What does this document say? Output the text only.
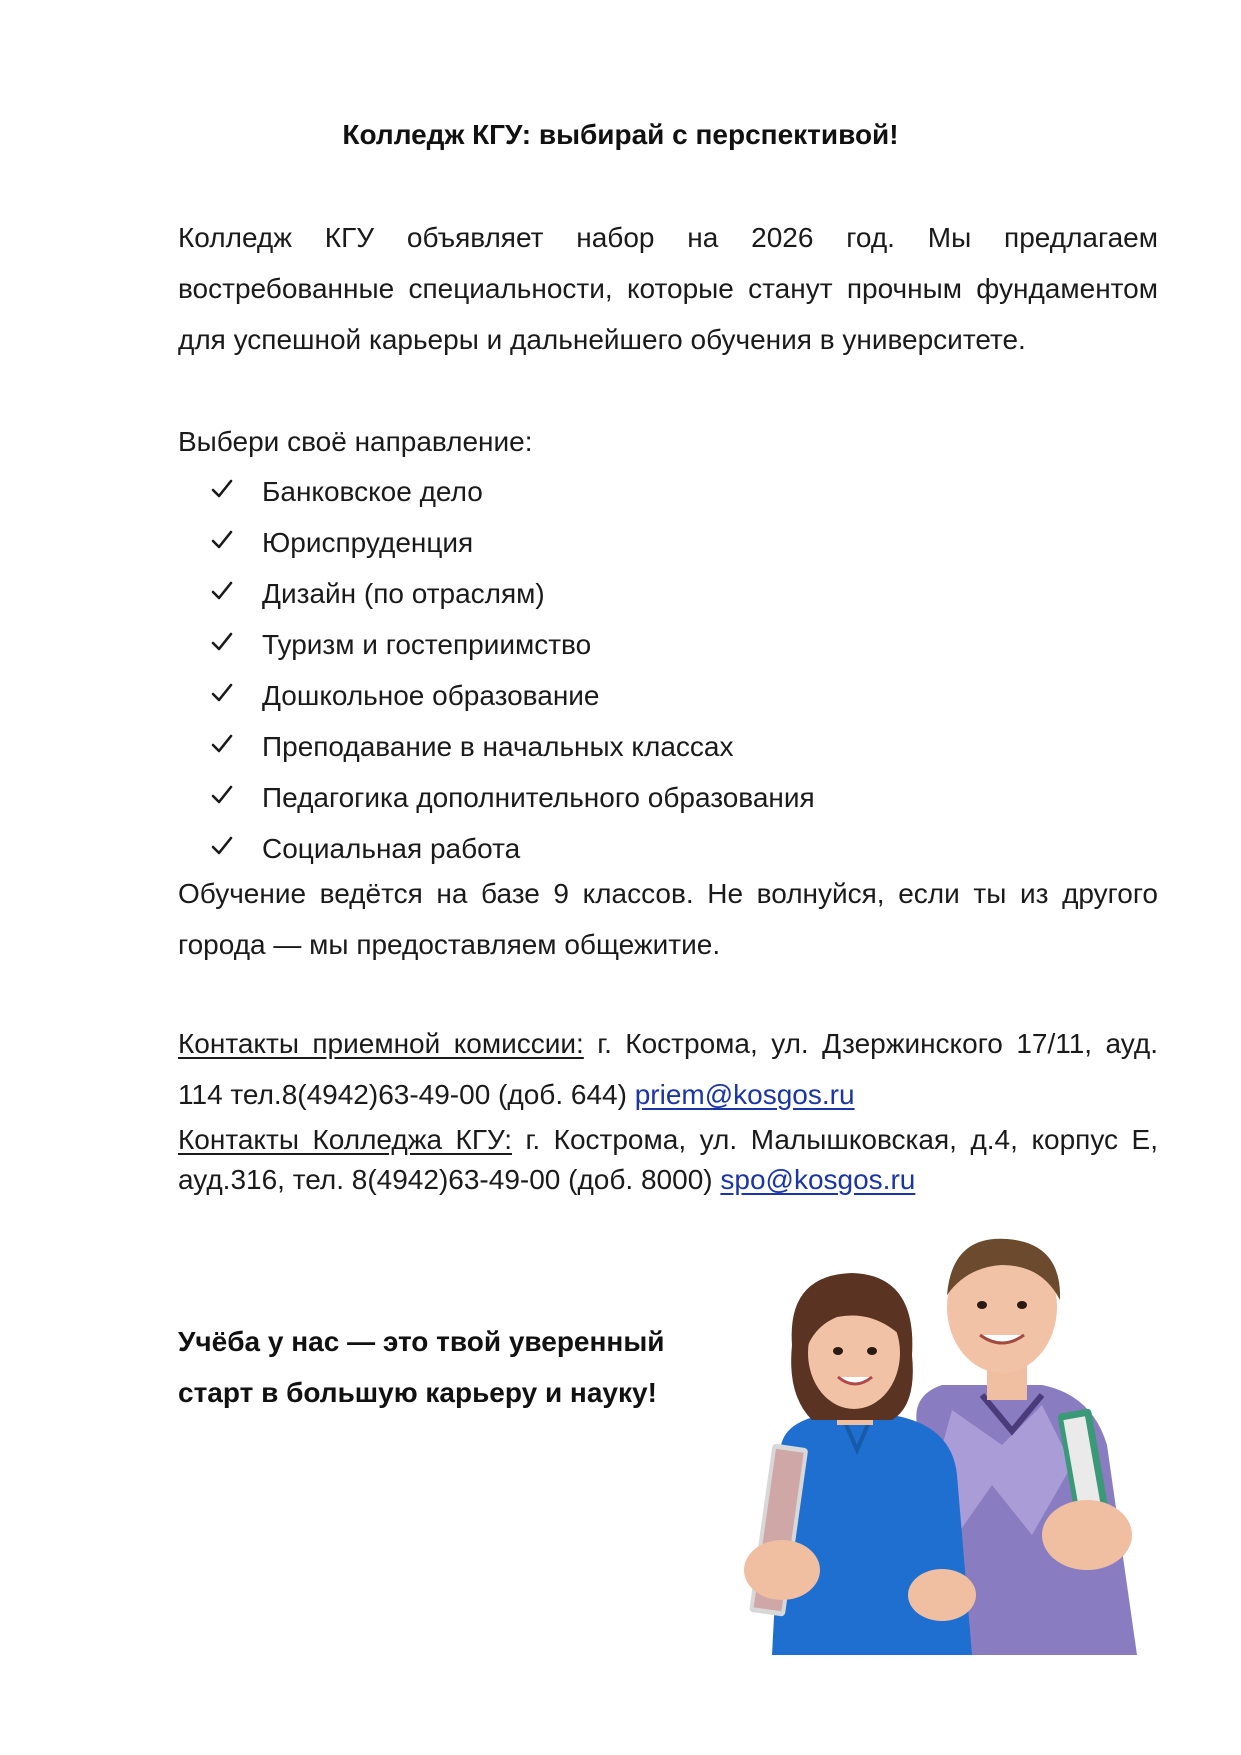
Колледж КГУ: выбирай с перспективой!

Колледж КГУ объявляет набор на 2026 год. Мы предлагаем востребованные специальности, которые станут прочным фундаментом для успешной карьеры и дальнейшего обучения в университете.

Выбери своё направление:

Банковское дело
Юриспруденция
Дизайн (по отраслям)
Туризм и гостеприимство
Дошкольное образование
Преподавание в начальных классах
Педагогика дополнительного образования
Социальная работа

Обучение ведётся на базе 9 классов. Не волнуйся, если ты из другого города — мы предоставляем общежитие.

Контакты приемной комиссии: г. Кострома, ул. Дзержинского 17/11, ауд. 114 тел.8(4942)63-49-00 (доб. 644) priem@kosgos.ru

Контакты Колледжа КГУ: г. Кострома, ул. Малышковская, д.4, корпус Е, ауд.316, тел. 8(4942)63-49-00 (доб. 8000) spo@kosgos.ru

Учёба у нас — это твой уверенный
старт в большую карьеру и науку!
